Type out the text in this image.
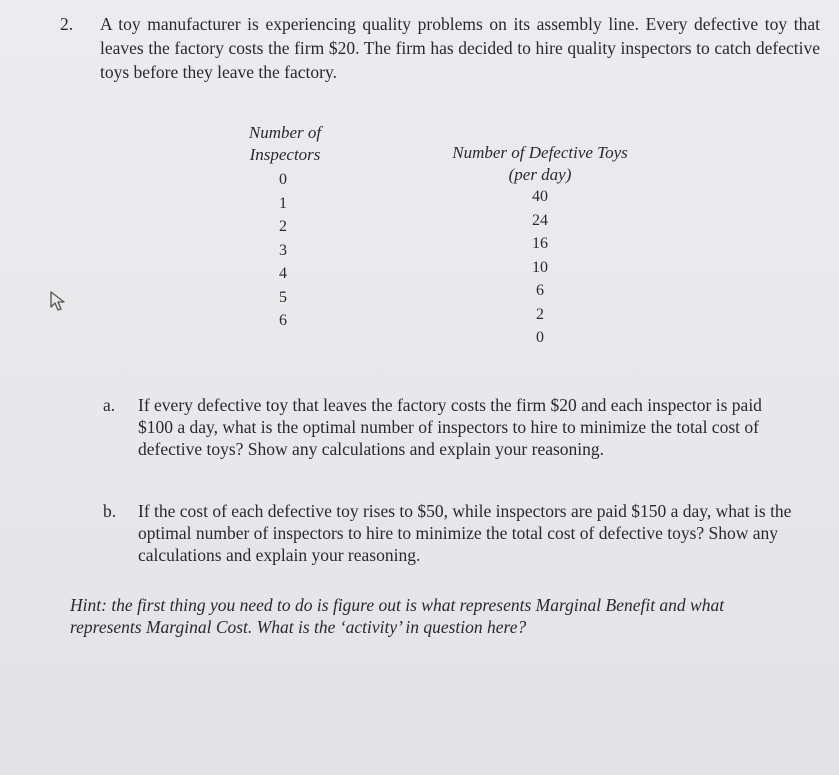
2. A toy manufacturer is experiencing quality problems on its assembly line. Every defective toy that leaves the factory costs the firm $20. The firm has decided to hire quality inspectors to catch defective toys before they leave the factory.
Number of Inspectors	Number of Defective Toys (per day)
0
1
2
3
4
5
6
40
24
16
10
6
2
0
a. If every defective toy that leaves the factory costs the firm $20 and each inspector is paid $100 a day, what is the optimal number of inspectors to hire to minimize the total cost of defective toys? Show any calculations and explain your reasoning.
b. If the cost of each defective toy rises to $50, while inspectors are paid $150 a day, what is the optimal number of inspectors to hire to minimize the total cost of defective toys? Show any calculations and explain your reasoning.
Hint: the first thing you need to do is figure out is what represents Marginal Benefit and what represents Marginal Cost. What is the ‘activity’ in question here?
